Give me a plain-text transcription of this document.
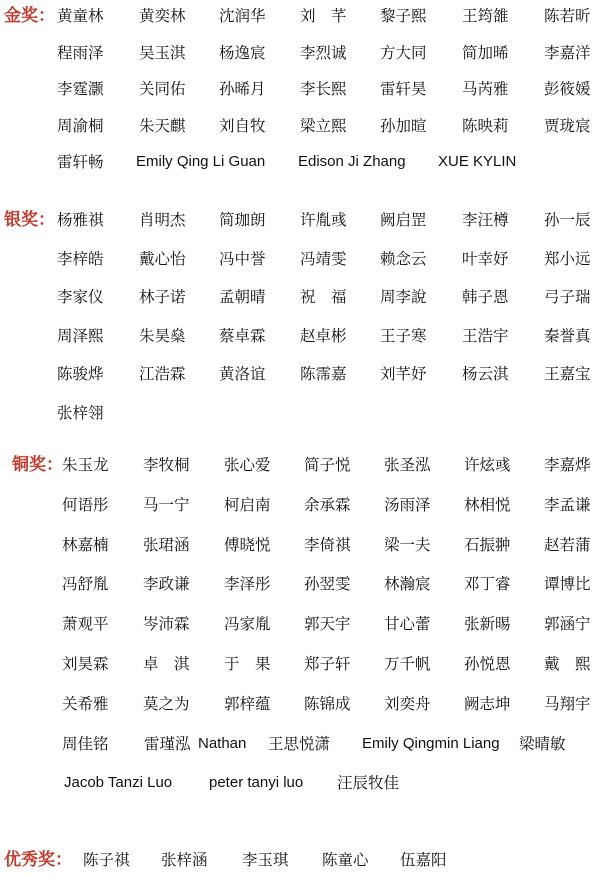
金奖： 黄童林 黄奕林 沈润华 刘　芊 黎子熙 王筠雒 陈若昕
程雨泽 吴玉淇 杨逸宸 李烈诚 方大同 简加晞 李嘉洋
李霆灏 关同佑 孙晞月 李长熙 雷轩昊 马芮雅 彭筱媛
周渝桐 朱天麒 刘自牧 梁立熙 孙加暄 陈映莉 贾珑宸
雷轩畅 Emily Qing Li Guan Edison Ji Zhang XUE KYLIN
银奖： 杨雅祺 肖明杰 简珈朗 许胤彧 阙启罡 李汪樽 孙一辰
李梓皓 戴心怡 冯中誉 冯靖雯 赖念云 叶幸妤 郑小远
李家仪 林子诺 孟朝晴 祝　福 周李說 韩子恩 弓子瑞
周泽熙 朱昊燊 蔡卓霖 赵卓彬 王子寒 王浩宇 秦誉真
陈骏烨 江浩霖 黄洛谊 陈霈嘉 刘芊妤 杨云淇 王嘉宝
张梓翎
铜奖： 朱玉龙 李牧桐 张心爱 简子悦 张圣泓 许炫彧 李嘉烨
何语彤 马一宁 柯启南 余承霖 汤雨泽 林相悦 李孟谦
林嘉楠 张珺涵 傅晓悦 李倚祺 梁一夫 石振翀 赵若蒲
冯舒胤 李政谦 李泽彤 孙翌雯 林瀚宸 邓丁睿 谭博比
萧观平 岑沛霖 冯家胤 郭天宇 甘心蕾 张新晹 郭涵宁
刘昊霖 卓　淇 于　果 郑子轩 万千帆 孙悦恩 戴　熙
关希雅 莫之为 郭梓蕴 陈锦成 刘奕舟 阙志坤 马翔宇
周佳铭 雷瑾泓 Nathan 王思悦潇 Emily Qingmin Liang 梁晴敏
Jacob Tanzi Luo peter tanyi luo 汪辰牧佳
优秀奖： 陈子祺 张梓涵 李玉琪 陈童心 伍嘉阳
